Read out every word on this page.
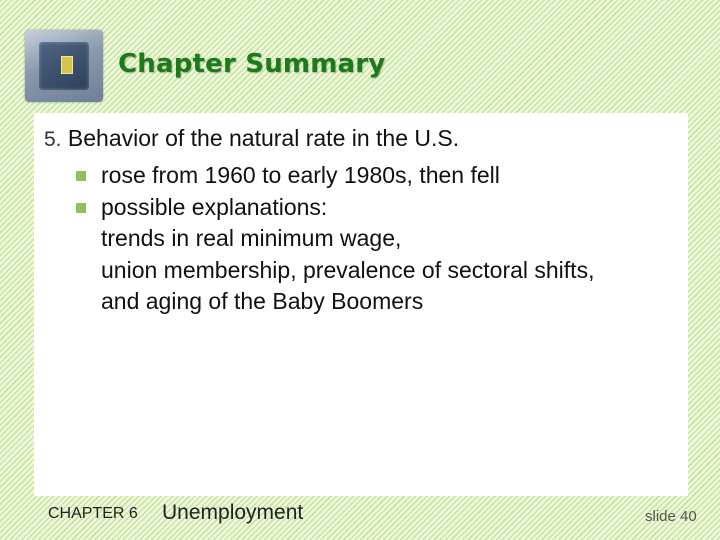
Chapter Summary
5. Behavior of the natural rate in the U.S.
rose from 1960 to early 1980s, then fell
possible explanations:
trends in real minimum wage,
union membership, prevalence of sectoral shifts,
and aging of the Baby Boomers
CHAPTER 6 Unemployment	slide 40
